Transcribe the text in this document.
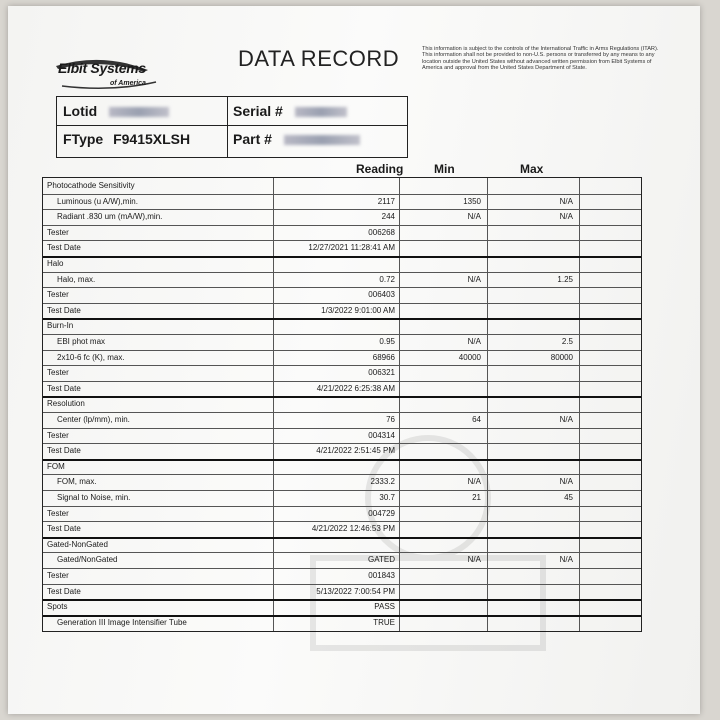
Elbit Systems
of America
DATA RECORD	This information is subject to the controls of the International Traffic in Arms Regulations (ITAR). This information shall not be provided to non-U.S. persons or transferred by any means to any location outside the United States without advanced written permission from Elbit Systems of America and approval from the United States Department of State.
Lotid	Serial #
FType F9415XLSH	Part #
Reading	Min	Max
Photocathode Sensitivity
Luminous (u A/W),min.	2117	1350	N/A
Radiant .830 um (mA/W),min.	244	N/A	N/A
Tester	006268
Test Date	12/27/2021 11:28:41 AM
Halo
Halo, max.	0.72	N/A	1.25
Tester	006403
Test Date	1/3/2022 9:01:00 AM
Burn-In
EBI phot max	0.95	N/A	2.5
2x10-6 fc (K), max.	68966	40000	80000
Tester	006321
Test Date	4/21/2022 6:25:38 AM
Resolution
Center (lp/mm), min.	76	64	N/A
Tester	004314
Test Date	4/21/2022 2:51:45 PM
FOM
FOM, max.	2333.2	N/A	N/A
Signal to Noise, min.	30.7	21	45
Tester	004729
Test Date	4/21/2022 12:46:53 PM
Gated-NonGated
Gated/NonGated	GATED	N/A	N/A
Tester	001843
Test Date	5/13/2022 7:00:54 PM
Spots	PASS
Generation III Image Intensifier Tube	TRUE
